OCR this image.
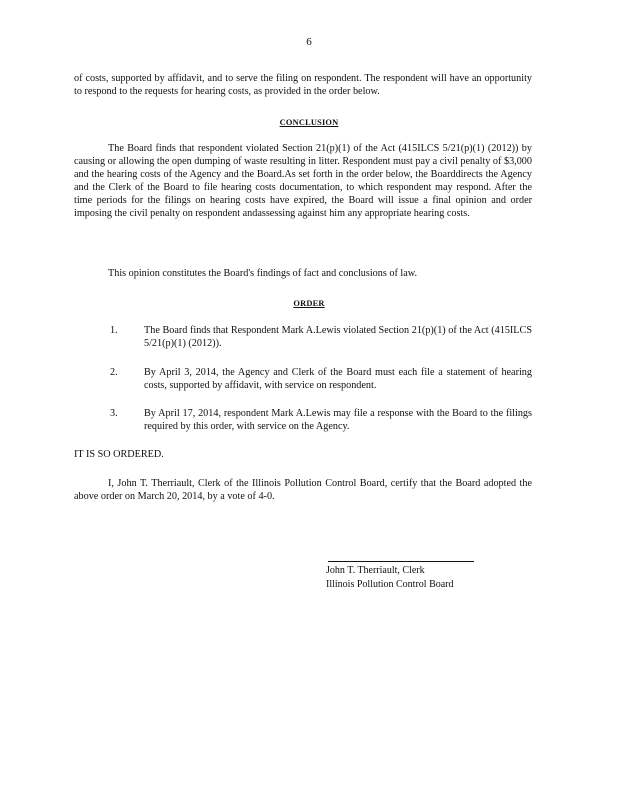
6
of costs, supported by affidavit, and to serve the filing on respondent. The respondent will have an opportunity to respond to the requests for hearing costs, as provided in the order below.
CONCLUSION
The Board finds that respondent violated Section 21(p)(1) of the Act (415ILCS 5/21(p)(1) (2012)) by causing or allowing the open dumping of waste resulting in litter. Respondent must pay a civil penalty of $3,000 and the hearing costs of the Agency and the Board.As set forth in the order below, the Boarddirects the Agency and the Clerk of the Board to file hearing costs documentation, to which respondent may respond. After the time periods for the filings on hearing costs have expired, the Board will issue a final opinion and order imposing the civil penalty on respondent andassessing against him any appropriate hearing costs.
This opinion constitutes the Board's findings of fact and conclusions of law.
ORDER
1.	The Board finds that Respondent Mark A.Lewis violated Section 21(p)(1) of the Act (415ILCS 5/21(p)(1) (2012)).
2.	By April 3, 2014, the Agency and Clerk of the Board must each file a statement of hearing costs, supported by affidavit, with service on respondent.
3.	By April 17, 2014, respondent Mark A.Lewis may file a response with the Board to the filings required by this order, with service on the Agency.
IT IS SO ORDERED.
I, John T. Therriault, Clerk of the Illinois Pollution Control Board, certify that the Board adopted the above order on March 20, 2014, by a vote of 4-0.
John T. Therriault, Clerk
Illinois Pollution Control Board
